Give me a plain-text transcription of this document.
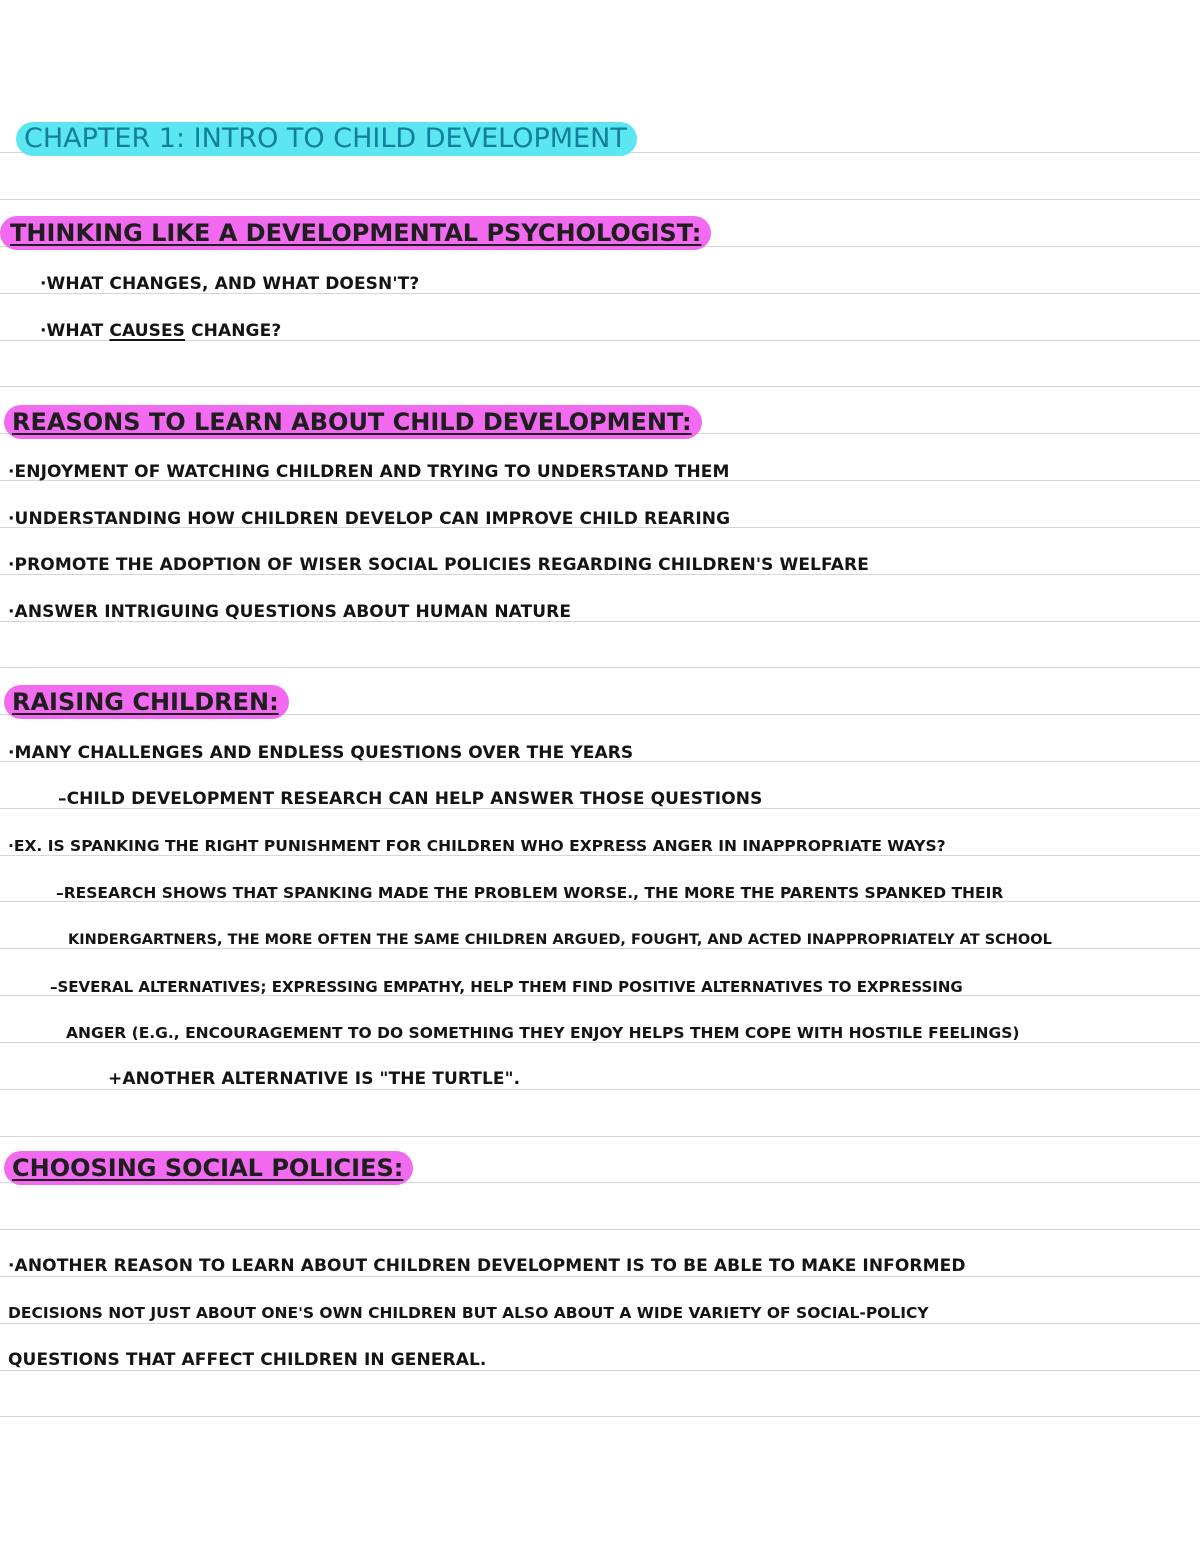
CHAPTER 1: INTRO TO CHILD DEVELOPMENT
THINKING LIKE A DEVELOPMENTAL PSYCHOLOGIST:
·WHAT CHANGES, AND WHAT DOESN'T?
·WHAT CAUSES CHANGE?
REASONS TO LEARN ABOUT CHILD DEVELOPMENT:
·ENJOYMENT OF WATCHING CHILDREN AND TRYING TO UNDERSTAND THEM
·UNDERSTANDING HOW CHILDREN DEVELOP CAN IMPROVE CHILD REARING
·PROMOTE THE ADOPTION OF WISER SOCIAL POLICIES REGARDING CHILDREN'S WELFARE
·ANSWER INTRIGUING QUESTIONS ABOUT HUMAN NATURE
RAISING CHILDREN:
·MANY CHALLENGES AND ENDLESS QUESTIONS OVER THE YEARS
–CHILD DEVELOPMENT RESEARCH CAN HELP ANSWER THOSE QUESTIONS
·EX. IS SPANKING THE RIGHT PUNISHMENT FOR CHILDREN WHO EXPRESS ANGER IN INAPPROPRIATE WAYS?
–RESEARCH SHOWS THAT SPANKING MADE THE PROBLEM WORSE., THE MORE THE PARENTS SPANKED THEIR
KINDERGARTNERS, THE MORE OFTEN THE SAME CHILDREN ARGUED, FOUGHT, AND ACTED INAPPROPRIATELY AT SCHOOL
–SEVERAL ALTERNATIVES; EXPRESSING EMPATHY, HELP THEM FIND POSITIVE ALTERNATIVES TO EXPRESSING
ANGER (E.G., ENCOURAGEMENT TO DO SOMETHING THEY ENJOY HELPS THEM COPE WITH HOSTILE FEELINGS)
+ANOTHER ALTERNATIVE IS "THE TURTLE".
CHOOSING SOCIAL POLICIES:
·ANOTHER REASON TO LEARN ABOUT CHILDREN DEVELOPMENT IS TO BE ABLE TO MAKE INFORMED
DECISIONS NOT JUST ABOUT ONE'S OWN CHILDREN BUT ALSO ABOUT A WIDE VARIETY OF SOCIAL-POLICY
QUESTIONS THAT AFFECT CHILDREN IN GENERAL.
